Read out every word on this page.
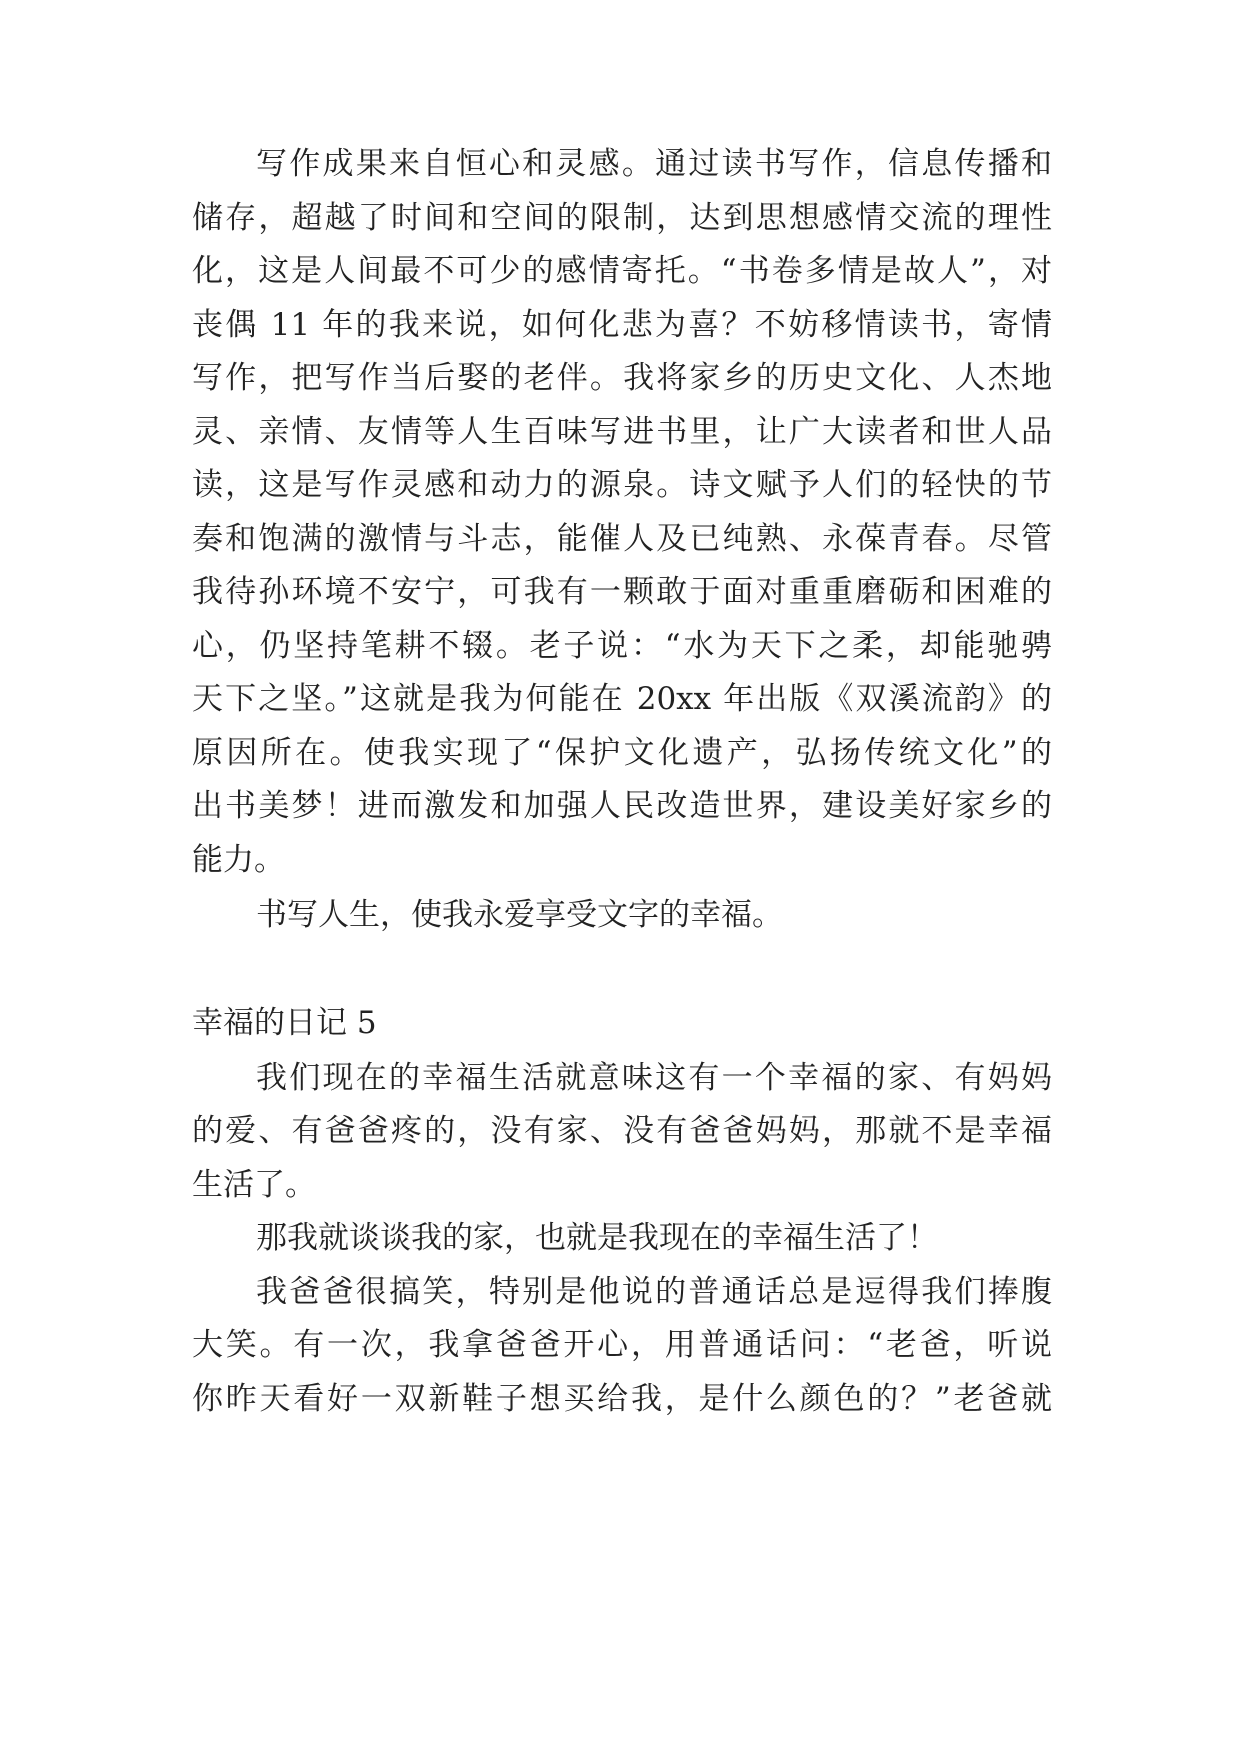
写作成果来自恒心和灵感。通过读书写作，信息传播和
储存，超越了时间和空间的限制，达到思想感情交流的理性
化，这是人间最不可少的感情寄托。“书卷多情是故人”，对
丧偶 11 年的我来说，如何化悲为喜？不妨移情读书，寄情
写作，把写作当后娶的老伴。我将家乡的历史文化、人杰地
灵、亲情、友情等人生百味写进书里，让广大读者和世人品
读，这是写作灵感和动力的源泉。诗文赋予人们的轻快的节
奏和饱满的激情与斗志，能催人及已纯熟、永葆青春。尽管
我待孙环境不安宁，可我有一颗敢于面对重重磨砺和困难的
心，仍坚持笔耕不辍。老子说：“水为天下之柔，却能驰骋
天下之坚。”这就是我为何能在 20xx 年出版《双溪流韵》的
原因所在。使我实现了“保护文化遗产，弘扬传统文化”的
出书美梦！进而激发和加强人民改造世界，建设美好家乡的
能力。
书写人生，使我永爱享受文字的幸福。
幸福的日记 5
我们现在的幸福生活就意味这有一个幸福的家、有妈妈
的爱、有爸爸疼的，没有家、没有爸爸妈妈，那就不是幸福
生活了。
那我就谈谈我的家，也就是我现在的幸福生活了！
我爸爸很搞笑，特别是他说的普通话总是逗得我们捧腹
大笑。有一次，我拿爸爸开心，用普通话问：“老爸，听说
你昨天看好一双新鞋子想买给我，是什么颜色的？”老爸就
